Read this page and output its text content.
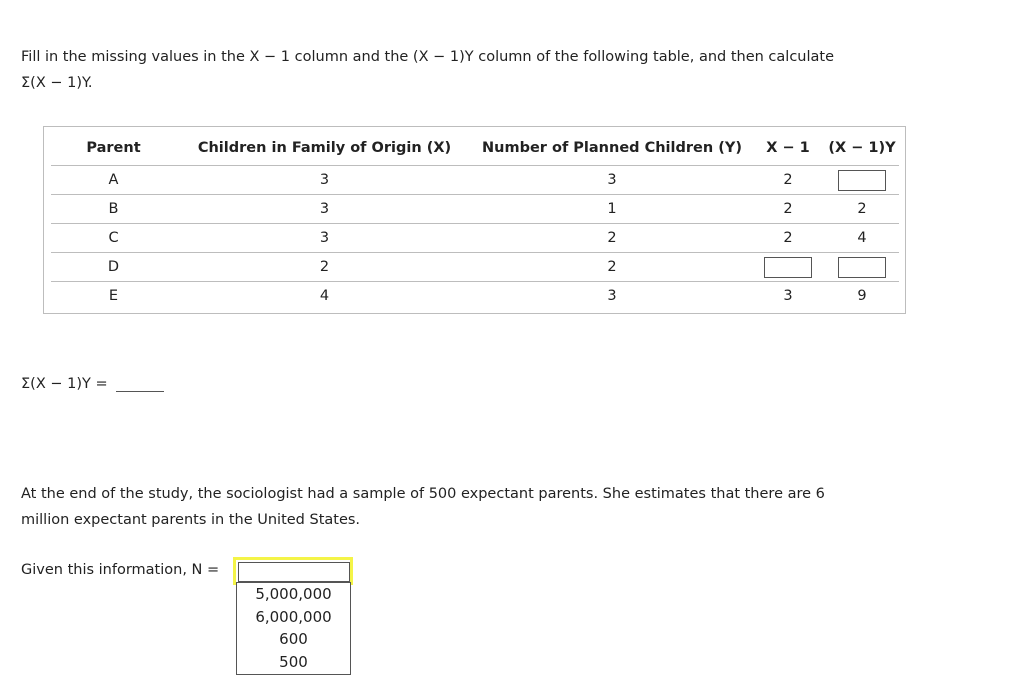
Fill in the missing values in the X − 1 column and the (X − 1)Y column of the following table, and then calculate
Σ(X − 1)Y.
Parent	Children in Family of Origin (X)	Number of Planned Children (Y)	X − 1	(X − 1)Y
A	3	3	2	
B	3	1	2	2
C	3	2	2	4
D	2	2		
E	4	3	3	9
Σ(X − 1)Y =
At the end of the study, the sociologist had a sample of 500 expectant parents. She estimates that there are 6
million expectant parents in the United States.
Given this information, N =
5,000,000
6,000,000
600
500
